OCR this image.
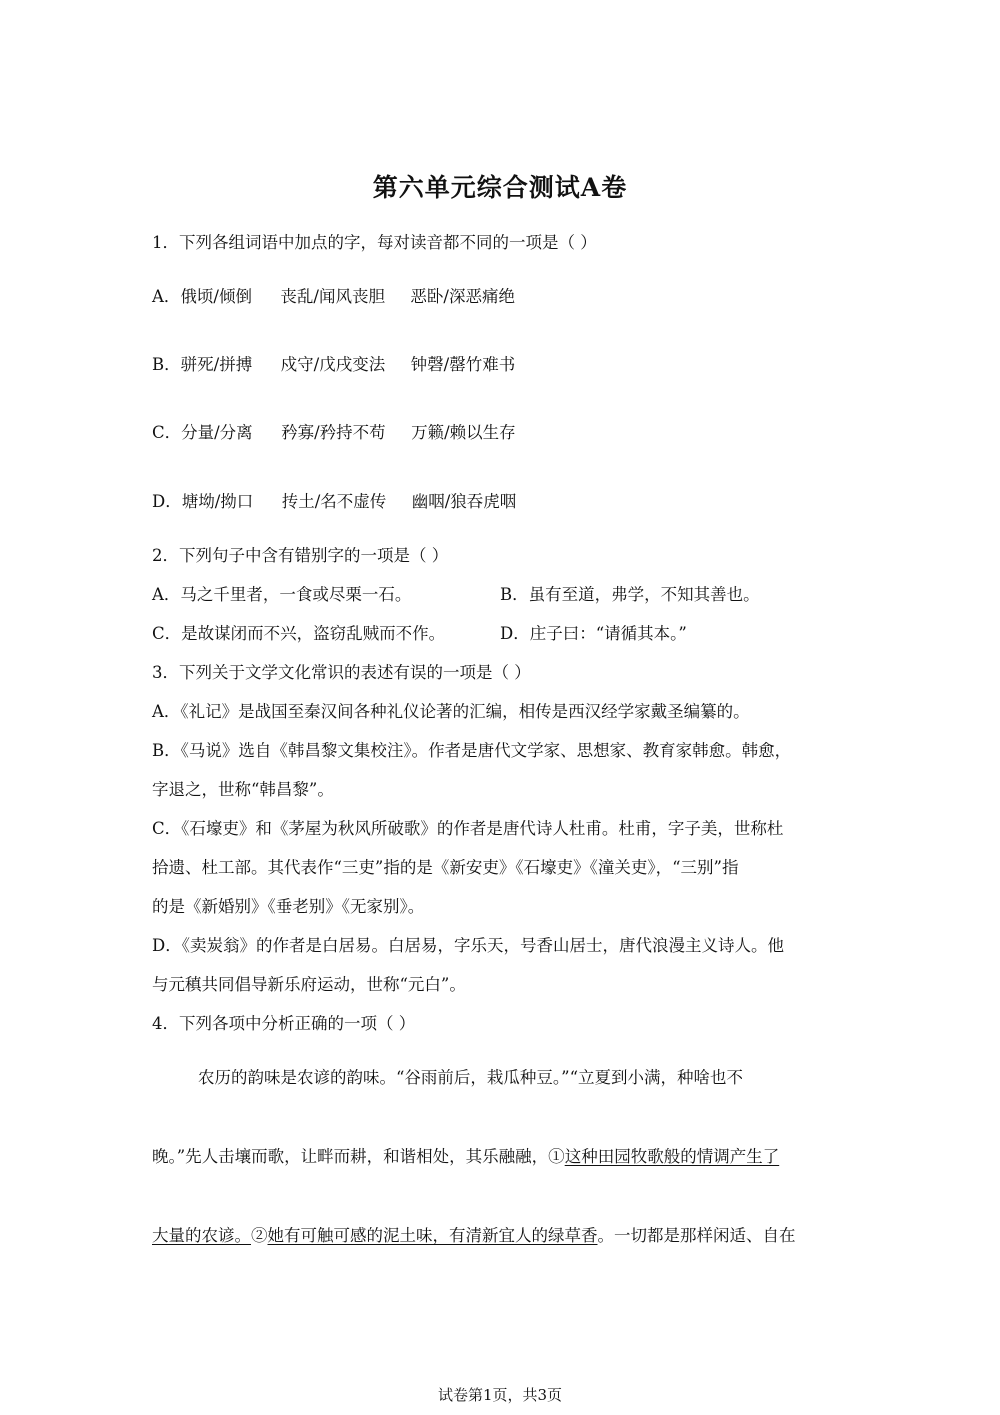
第六单元综合测试A卷
1．下列各组词语中加点的字，每对读音都不同的一项是（ ）
A．俄顷/倾倒 丧乱/闻风丧胆 恶卧/深恶痛绝
B．骈死/拼搏 戍守/戊戌变法 钟磬/罄竹难书
C．分量/分离 矜寡/矜持不苟 万籁/赖以生存
D．塘坳/拗口 抟土/名不虚传 幽咽/狼吞虎咽
2．下列句子中含有错别字的一项是（ ）
A．马之千里者，一食或尽栗一石。	B．虽有至道，弗学，不知其善也。
C．是故谋闭而不兴，盗窃乱贼而不作。	D．庄子曰：“请循其本。”
3．下列关于文学文化常识的表述有误的一项是（ ）
A．《礼记》是战国至秦汉间各种礼仪论著的汇编，相传是西汉经学家戴圣编纂的。
B．《马说》选自《韩昌黎文集校注》。作者是唐代文学家、思想家、教育家韩愈。韩愈，
字退之，世称“韩昌黎”。
C．《石壕吏》和《茅屋为秋风所破歌》的作者是唐代诗人杜甫。杜甫，字子美，世称杜
拾遗、杜工部。其代表作“三吏”指的是《新安吏》《石壕吏》《潼关吏》，“三别”指
的是《新婚别》《垂老别》《无家别》。
D．《卖炭翁》的作者是白居易。白居易，字乐天，号香山居士，唐代浪漫主义诗人。他
与元稹共同倡导新乐府运动，世称“元白”。
4．下列各项中分析正确的一项（ ）
农历的韵味是农谚的韵味。“谷雨前后，栽瓜种豆。”“立夏到小满，种啥也不
晚。”先人击壤而歌，让畔而耕，和谐相处，其乐融融，①这种田园牧歌般的情调产生了
大量的农谚。②她有可触可感的泥土味，有清新宜人的绿草香。一切都是那样闲适、自在
试卷第1页，共3页
